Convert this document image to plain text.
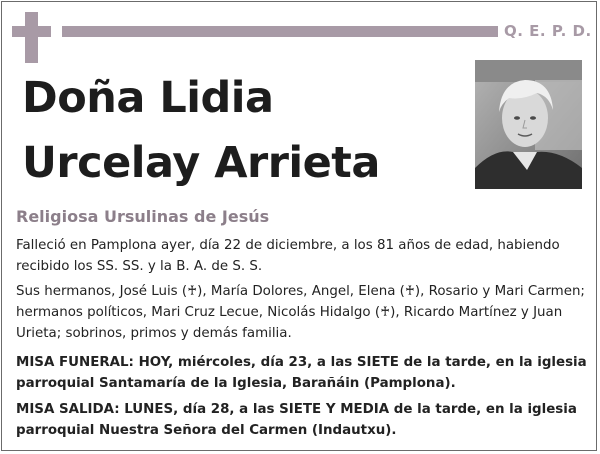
Q. E. P. D.
Doña Lidia
Urcelay Arrieta
Religiosa Ursulinas de Jesús

Falleció en Pamplona ayer, día 22 de diciembre, a los 81 años de edad, habiendo
recibido los SS. SS. y la B. A. de S. S.

Sus hermanos, José Luis (♰), María Dolores, Angel, Elena (♰), Rosario y Mari Carmen;
hermanos políticos, Mari Cruz Lecue, Nicolás Hidalgo (♰), Ricardo Martínez y Juan
Urieta; sobrinos, primos y demás familia.

MISA FUNERAL: HOY, miércoles, día 23, a las SIETE de la tarde, en la iglesia
parroquial Santamaría de la Iglesia, Barañáin (Pamplona).

MISA SALIDA: LUNES, día 28, a las SIETE Y MEDIA de la tarde, en la iglesia
parroquial Nuestra Señora del Carmen (Indautxu).
